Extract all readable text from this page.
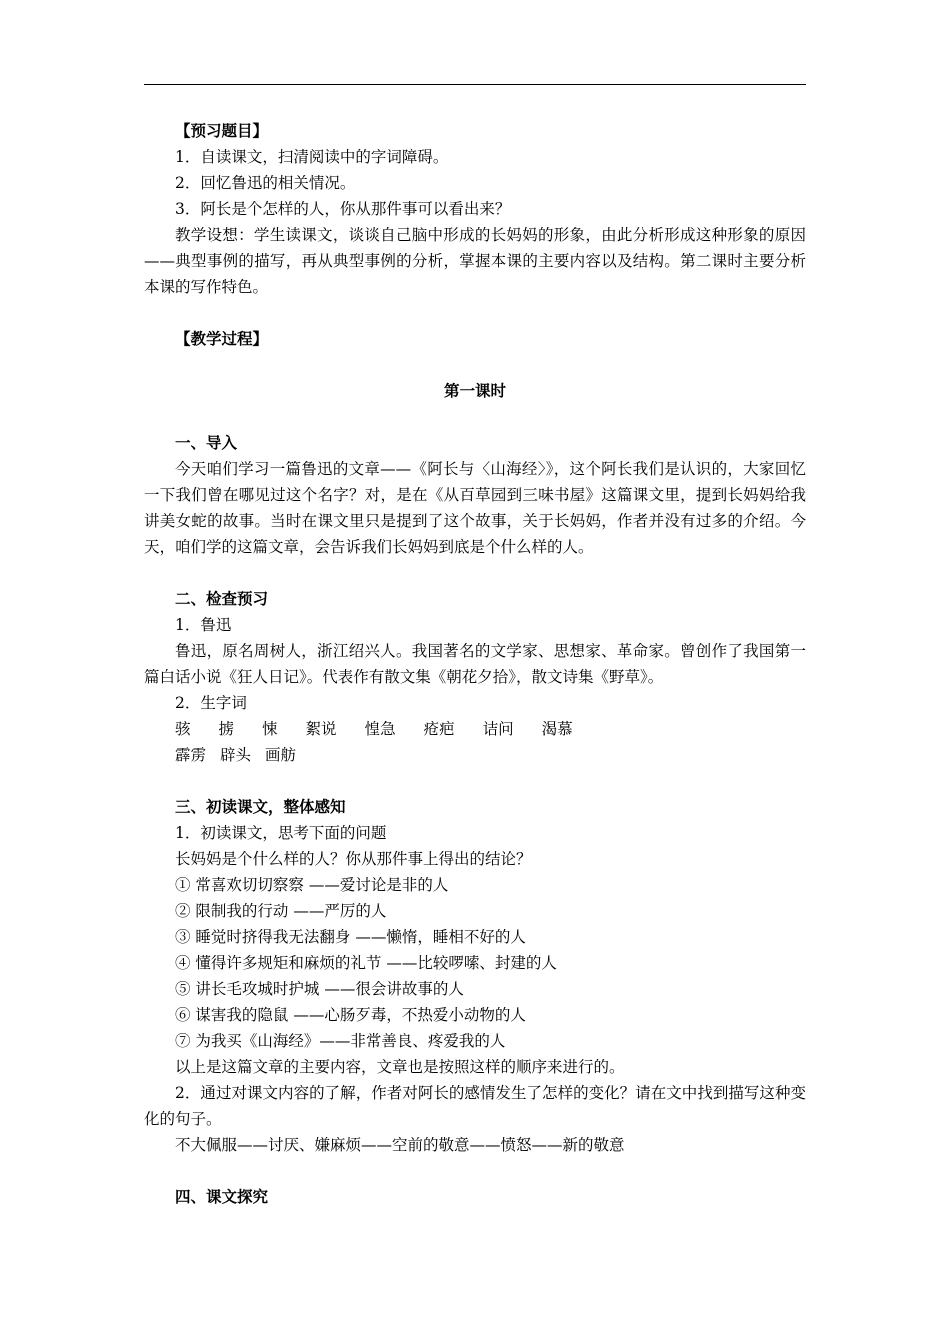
【预习题目】

1．自读课文，扫清阅读中的字词障碍。

2．回忆鲁迅的相关情况。

3．阿长是个怎样的人，你从那件事可以看出来？

教学设想：学生读课文，谈谈自己脑中形成的长妈妈的形象，由此分析形成这种形象的原因——典型事例的描写，再从典型事例的分析，掌握本课的主要内容以及结构。第二课时主要分析本课的写作特色。

【教学过程】

第一课时

一、导入

今天咱们学习一篇鲁迅的文章——《阿长与〈山海经〉》，这个阿长我们是认识的，大家回忆一下我们曾在哪见过这个名字？对，是在《从百草园到三味书屋》这篇课文里，提到长妈妈给我讲美女蛇的故事。当时在课文里只是提到了这个故事，关于长妈妈，作者并没有过多的介绍。今天，咱们学的这篇文章，会告诉我们长妈妈到底是个什么样的人。

二、检查预习

1．鲁迅

鲁迅，原名周树人，浙江绍兴人。我国著名的文学家、思想家、革命家。曾创作了我国第一篇白话小说《狂人日记》。代表作有散文集《朝花夕拾》，散文诗集《野草》。

2．生字词

骇 掳 悚 絮说 惶急 疮疤 诘问 渴慕
霹雳 辟头 画舫

三、初读课文，整体感知

1．初读课文，思考下面的问题

长妈妈是个什么样的人？你从那件事上得出的结论？

① 常喜欢切切察察 ——爱讨论是非的人

② 限制我的行动 ——严厉的人

③ 睡觉时挤得我无法翻身 ——懒惰，睡相不好的人

④ 懂得许多规矩和麻烦的礼节 ——比较啰嗦、封建的人

⑤ 讲长毛攻城时护城 ——很会讲故事的人

⑥ 谋害我的隐鼠 ——心肠歹毒，不热爱小动物的人

⑦ 为我买《山海经》——非常善良、疼爱我的人

以上是这篇文章的主要内容，文章也是按照这样的顺序来进行的。

2．通过对课文内容的了解，作者对阿长的感情发生了怎样的变化？请在文中找到描写这种变化的句子。

不大佩服——讨厌、嫌麻烦——空前的敬意——愤怒——新的敬意

四、课文探究
